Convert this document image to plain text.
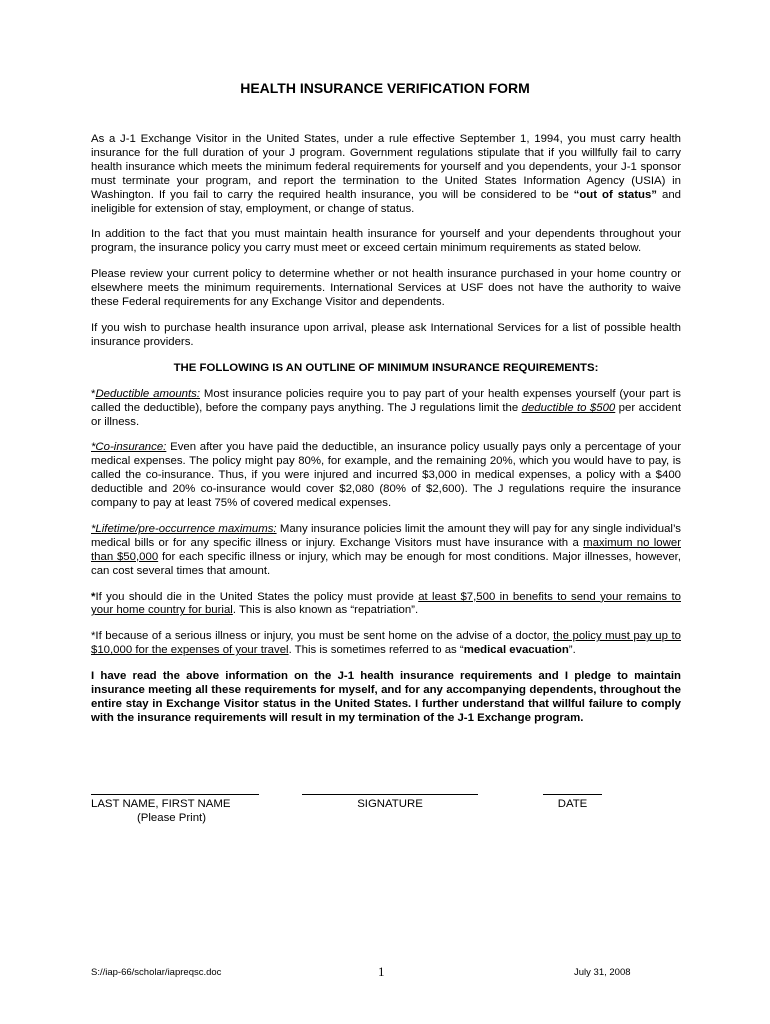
HEALTH INSURANCE VERIFICATION FORM

As a J-1 Exchange Visitor in the United States, under a rule effective September 1, 1994, you must carry health insurance for the full duration of your J program. Government regulations stipulate that if you willfully fail to carry health insurance which meets the minimum federal requirements for yourself and you dependents, your J-1 sponsor must terminate your program, and report the termination to the United States Information Agency (USIA) in Washington. If you fail to carry the required health insurance, you will be considered to be “out of status” and ineligible for extension of stay, employment, or change of status.

In addition to the fact that you must maintain health insurance for yourself and your dependents throughout your program, the insurance policy you carry must meet or exceed certain minimum requirements as stated below.

Please review your current policy to determine whether or not health insurance purchased in your home country or elsewhere meets the minimum requirements. International Services at USF does not have the authority to waive these Federal requirements for any Exchange Visitor and dependents.

If you wish to purchase health insurance upon arrival, please ask International Services for a list of possible health insurance providers.

THE FOLLOWING IS AN OUTLINE OF MINIMUM INSURANCE REQUIREMENTS:

*Deductible amounts: Most insurance policies require you to pay part of your health expenses yourself (your part is called the deductible), before the company pays anything. The J regulations limit the deductible to $500 per accident or illness.

*Co-insurance: Even after you have paid the deductible, an insurance policy usually pays only a percentage of your medical expenses. The policy might pay 80%, for example, and the remaining 20%, which you would have to pay, is called the co-insurance. Thus, if you were injured and incurred $3,000 in medical expenses, a policy with a $400 deductible and 20% co-insurance would cover $2,080 (80% of $2,600). The J regulations require the insurance company to pay at least 75% of covered medical expenses.

*Lifetime/pre-occurrence maximums: Many insurance policies limit the amount they will pay for any single individual’s medical bills or for any specific illness or injury. Exchange Visitors must have insurance with a maximum no lower than $50,000 for each specific illness or injury, which may be enough for most conditions. Major illnesses, however, can cost several times that amount.

*If you should die in the United States the policy must provide at least $7,500 in benefits to send your remains to your home country for burial. This is also known as “repatriation”.

*If because of a serious illness or injury, you must be sent home on the advise of a doctor, the policy must pay up to $10,000 for the expenses of your travel. This is sometimes referred to as “medical evacuation”.

I have read the above information on the J-1 health insurance requirements and I pledge to maintain insurance meeting all these requirements for myself, and for any accompanying dependents, throughout the entire stay in Exchange Visitor status in the United States. I further understand that willful failure to comply with the insurance requirements will result in my termination of the J-1 Exchange program.

LAST NAME, FIRST NAME
(Please Print)
SIGNATURE	DATE
S://iap-66/scholar/iapreqsc.doc	1	July 31, 2008
